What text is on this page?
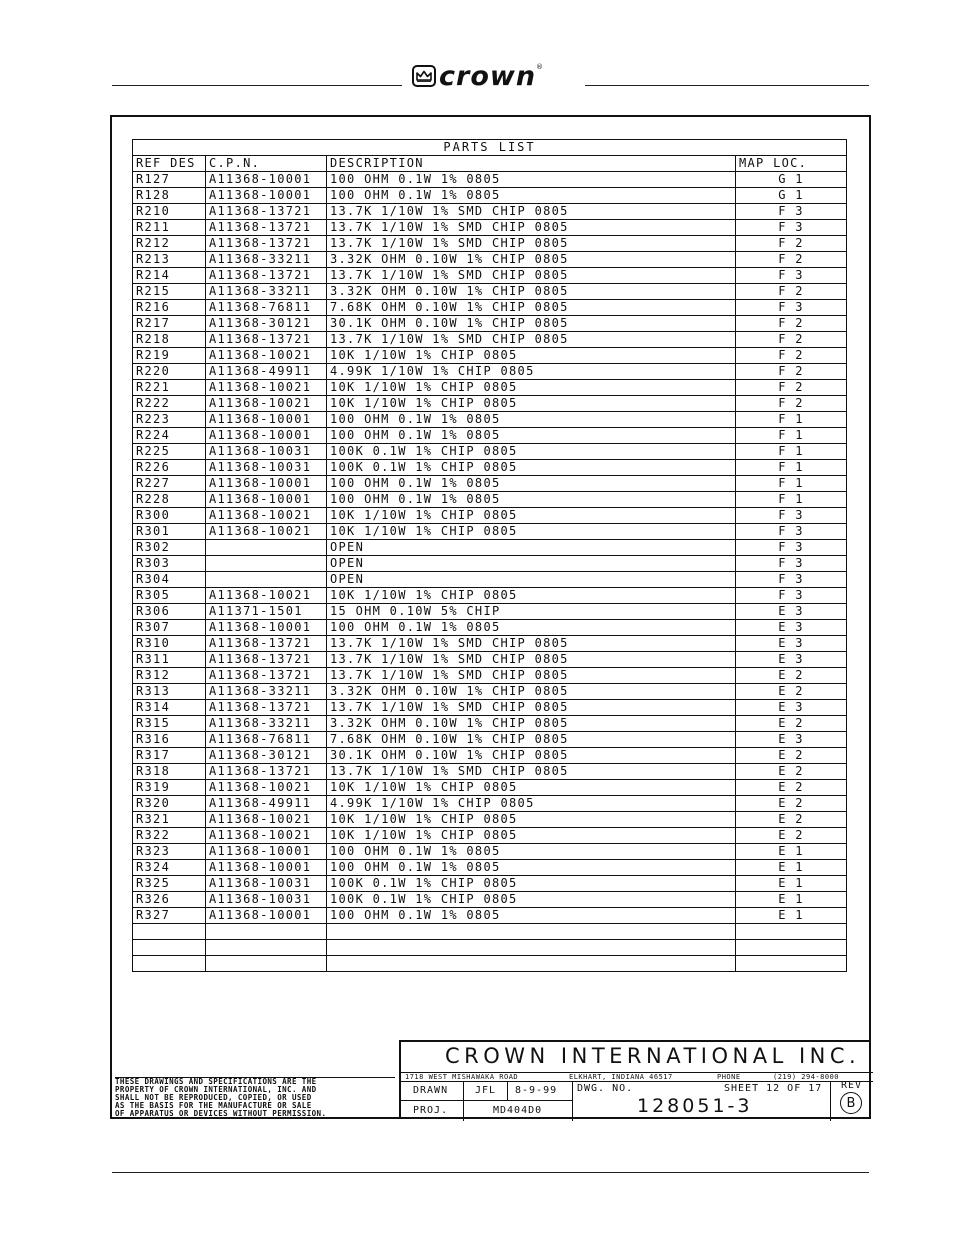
crown ®
PARTS LIST			
REF DES	C.P.N.	DESCRIPTION	MAP LOC.
R127	A11368-10001	100 OHM 0.1W 1% 0805	G 1
R128	A11368-10001	100 OHM 0.1W 1% 0805	G 1
R210	A11368-13721	13.7K 1/10W 1% SMD CHIP 0805	F 3
R211	A11368-13721	13.7K 1/10W 1% SMD CHIP 0805	F 3
R212	A11368-13721	13.7K 1/10W 1% SMD CHIP 0805	F 2
R213	A11368-33211	3.32K OHM 0.10W 1% CHIP 0805	F 2
R214	A11368-13721	13.7K 1/10W 1% SMD CHIP 0805	F 3
R215	A11368-33211	3.32K OHM 0.10W 1% CHIP 0805	F 2
R216	A11368-76811	7.68K OHM 0.10W 1% CHIP 0805	F 3
R217	A11368-30121	30.1K OHM 0.10W 1% CHIP 0805	F 2
R218	A11368-13721	13.7K 1/10W 1% SMD CHIP 0805	F 2
R219	A11368-10021	10K 1/10W 1% CHIP 0805	F 2
R220	A11368-49911	4.99K 1/10W 1% CHIP 0805	F 2
R221	A11368-10021	10K 1/10W 1% CHIP 0805	F 2
R222	A11368-10021	10K 1/10W 1% CHIP 0805	F 2
R223	A11368-10001	100 OHM 0.1W 1% 0805	F 1
R224	A11368-10001	100 OHM 0.1W 1% 0805	F 1
R225	A11368-10031	100K 0.1W 1% CHIP 0805	F 1
R226	A11368-10031	100K 0.1W 1% CHIP 0805	F 1
R227	A11368-10001	100 OHM 0.1W 1% 0805	F 1
R228	A11368-10001	100 OHM 0.1W 1% 0805	F 1
R300	A11368-10021	10K 1/10W 1% CHIP 0805	F 3
R301	A11368-10021	10K 1/10W 1% CHIP 0805	F 3
R302		OPEN	F 3
R303		OPEN	F 3
R304		OPEN	F 3
R305	A11368-10021	10K 1/10W 1% CHIP 0805	F 3
R306	A11371-1501	15 OHM 0.10W 5% CHIP	E 3
R307	A11368-10001	100 OHM 0.1W 1% 0805	E 3
R310	A11368-13721	13.7K 1/10W 1% SMD CHIP 0805	E 3
R311	A11368-13721	13.7K 1/10W 1% SMD CHIP 0805	E 3
R312	A11368-13721	13.7K 1/10W 1% SMD CHIP 0805	E 2
R313	A11368-33211	3.32K OHM 0.10W 1% CHIP 0805	E 2
R314	A11368-13721	13.7K 1/10W 1% SMD CHIP 0805	E 3
R315	A11368-33211	3.32K OHM 0.10W 1% CHIP 0805	E 2
R316	A11368-76811	7.68K OHM 0.10W 1% CHIP 0805	E 3
R317	A11368-30121	30.1K OHM 0.10W 1% CHIP 0805	E 2
R318	A11368-13721	13.7K 1/10W 1% SMD CHIP 0805	E 2
R319	A11368-10021	10K 1/10W 1% CHIP 0805	E 2
R320	A11368-49911	4.99K 1/10W 1% CHIP 0805	E 2
R321	A11368-10021	10K 1/10W 1% CHIP 0805	E 2
R322	A11368-10021	10K 1/10W 1% CHIP 0805	E 2
R323	A11368-10001	100 OHM 0.1W 1% 0805	E 1
R324	A11368-10001	100 OHM 0.1W 1% 0805	E 1
R325	A11368-10031	100K 0.1W 1% CHIP 0805	E 1
R326	A11368-10031	100K 0.1W 1% CHIP 0805	E 1
R327	A11368-10001	100 OHM 0.1W 1% 0805	E 1

THESE DRAWINGS AND SPECIFICATIONS ARE THE
PROPERTY OF CROWN INTERNATIONAL, INC. AND
SHALL NOT BE REPRODUCED, COPIED, OR USED
AS THE BASIS FOR THE MANUFACTURE OR SALE
OF APPARATUS OR DEVICES WITHOUT PERMISSION.
CROWN INTERNATIONAL INC.
1718 WEST MISHAWAKA ROAD	ELKHART, INDIANA 46517	PHONE	(219) 294-8000
DRAWN	JFL 8-9-99 DWG. NO.	SHEET 12 OF 17 REV
B
PROJ.	MD404D0	128051-3
